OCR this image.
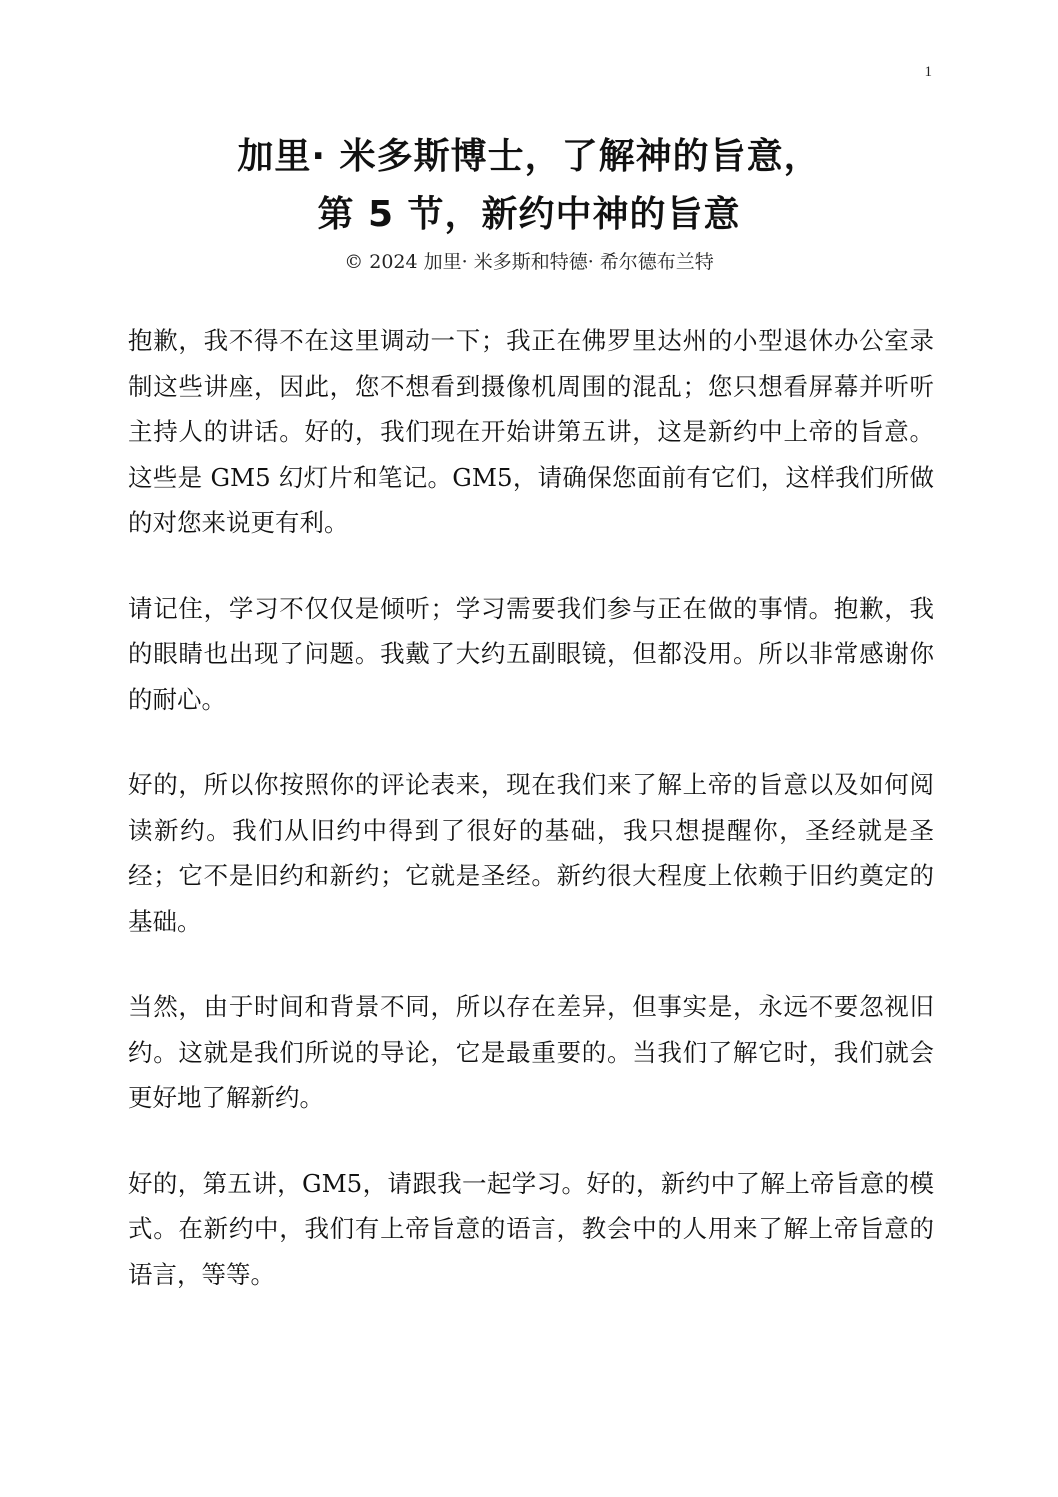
1
加里· 米多斯博士，了解神的旨意，
第 5 节，新约中神的旨意
© 2024 加里· 米多斯和特德· 希尔德布兰特

抱歉，我不得不在这里调动一下；我正在佛罗里达州的小型退休办公室录制这些讲座，因此，您不想看到摄像机周围的混乱；您只想看屏幕并听听主持人的讲话。好的，我们现在开始讲第五讲，这是新约中上帝的旨意。这些是 GM5 幻灯片和笔记。GM5，请确保您面前有它们，这样我们所做的对您来说更有利。

请记住，学习不仅仅是倾听；学习需要我们参与正在做的事情。抱歉，我的眼睛也出现了问题。我戴了大约五副眼镜，但都没用。所以非常感谢你的耐心。

好的，所以你按照你的评论表来，现在我们来了解上帝的旨意以及如何阅读新约。我们从旧约中得到了很好的基础，我只想提醒你，圣经就是圣经；它不是旧约和新约；它就是圣经。新约很大程度上依赖于旧约奠定的基础。

当然，由于时间和背景不同，所以存在差异，但事实是，永远不要忽视旧约。这就是我们所说的导论，它是最重要的。当我们了解它时，我们就会更好地了解新约。

好的，第五讲，GM5，请跟我一起学习。好的，新约中了解上帝旨意的模式。在新约中，我们有上帝旨意的语言，教会中的人用来了解上帝旨意的语言，等等。
